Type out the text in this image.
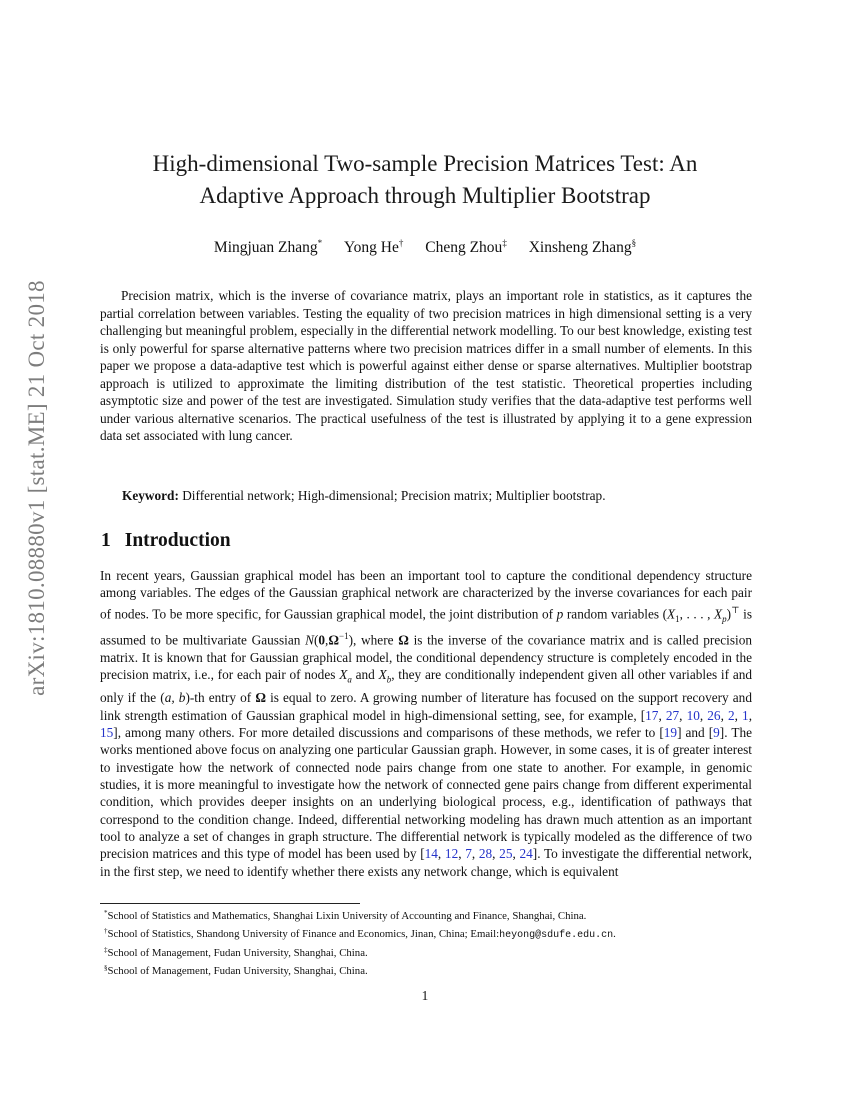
arXiv:1810.08880v1 [stat.ME] 21 Oct 2018
High-dimensional Two-sample Precision Matrices Test: An
Adaptive Approach through Multiplier Bootstrap
Mingjuan Zhang* Yong He† Cheng Zhou‡ Xinsheng Zhang§

Precision matrix, which is the inverse of covariance matrix, plays an important role in statistics, as it captures the partial correlation between variables. Testing the equality of two precision matrices in high dimensional setting is a very challenging but meaningful problem, especially in the differential network modelling. To our best knowledge, existing test is only powerful for sparse alternative patterns where two precision matrices differ in a small number of elements. In this paper we propose a data-adaptive test which is powerful against either dense or sparse alternatives. Multiplier bootstrap approach is utilized to approximate the limiting distribution of the test statistic. Theoretical properties including asymptotic size and power of the test are investigated. Simulation study verifies that the data-adaptive test performs well under various alternative scenarios. The practical usefulness of the test is illustrated by applying it to a gene expression data set associated with lung cancer.

Keyword: Differential network; High-dimensional; Precision matrix; Multiplier bootstrap.
1 Introduction

In recent years, Gaussian graphical model has been an important tool to capture the conditional dependency structure among variables. The edges of the Gaussian graphical network are characterized by the inverse covariances for each pair of nodes. To be more specific, for Gaussian graphical model, the joint distribution of p random variables ($X_1$, . . . , $X_p)^⊤$ is assumed to be multivariate Gaussian $N(0,\Omega^{-1})$, where Ω is the inverse of the covariance matrix and is called precision matrix. It is known that for Gaussian graphical model, the conditional dependency structure is completely encoded in the precision matrix, i.e., for each pair of nodes $X_a$ and $X_b$, they are conditionally independent given all other variables if and only if the (a, b)-th entry of Ω is equal to zero. A growing number of literature has focused on the support recovery and link strength estimation of Gaussian graphical model in high-dimensional setting, see, for example, [17, 27, 10, 26, 2, 1, 15], among many others. For more detailed discussions and comparisons of these methods, we refer to [19] and [9]. The works mentioned above focus on analyzing one particular Gaussian graph. However, in some cases, it is of greater interest to investigate how the network of connected node pairs change from one state to another. For example, in genomic studies, it is more meaningful to investigate how the network of connected gene pairs change from different experimental condition, which provides deeper insights on an underlying biological process, e.g., identification of pathways that correspond to the condition change. Indeed, differential networking modeling has drawn much attention as an important tool to analyze a set of changes in graph structure. The differential network is typically modeled as the difference of two precision matrices and this type of model has been used by [14, 12, 7, 28, 25, 24]. To investigate the differential network, in the first step, we need to identify whether there exists any network change, which is equivalent

*School of Statistics and Mathematics, Shanghai Lixin University of Accounting and Finance, Shanghai, China.
†School of Statistics, Shandong University of Finance and Economics, Jinan, China; Email:heyong@sdufe.edu.cn.
‡School of Management, Fudan University, Shanghai, China.
§School of Management, Fudan University, Shanghai, China.
1
